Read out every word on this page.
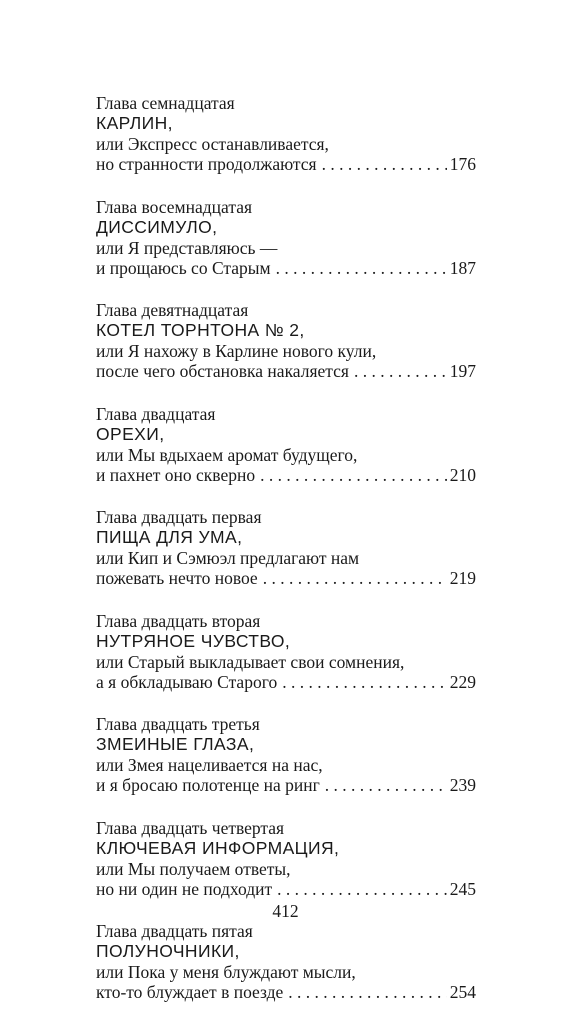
Глава семнадцатая
КАРЛИН,
или Экспресс останавливается,
но странности продолжаются . . .	176
Глава восемнадцатая
ДИССИМУЛО,
или Я представляюсь —
и прощаюсь со Старым . . .	187
Глава девятнадцатая
КОТЕЛ ТОРНТОНА № 2,
или Я нахожу в Карлине нового кули,
после чего обстановка накаляется . . .	197
Глава двадцатая
ОРЕХИ,
или Мы вдыхаем аромат будущего,
и пахнет оно скверно . . .	210
Глава двадцать первая
ПИЩА ДЛЯ УМА,
или Кип и Сэмюэл предлагают нам
пожевать нечто новое . . .	219
Глава двадцать вторая
НУТРЯНОЕ ЧУВСТВО,
или Старый выкладывает свои сомнения,
а я обкладываю Старого . . .	229
Глава двадцать третья
ЗМЕИНЫЕ ГЛАЗА,
или Змея нацеливается на нас,
и я бросаю полотенце на ринг . . .	239
Глава двадцать четвертая
КЛЮЧЕВАЯ ИНФОРМАЦИЯ,
или Мы получаем ответы,
но ни один не подходит . . .	245
Глава двадцать пятая
ПОЛУНОЧНИКИ,
или Пока у меня блуждают мысли,
кто-то блуждает в поезде . . .	254
412
